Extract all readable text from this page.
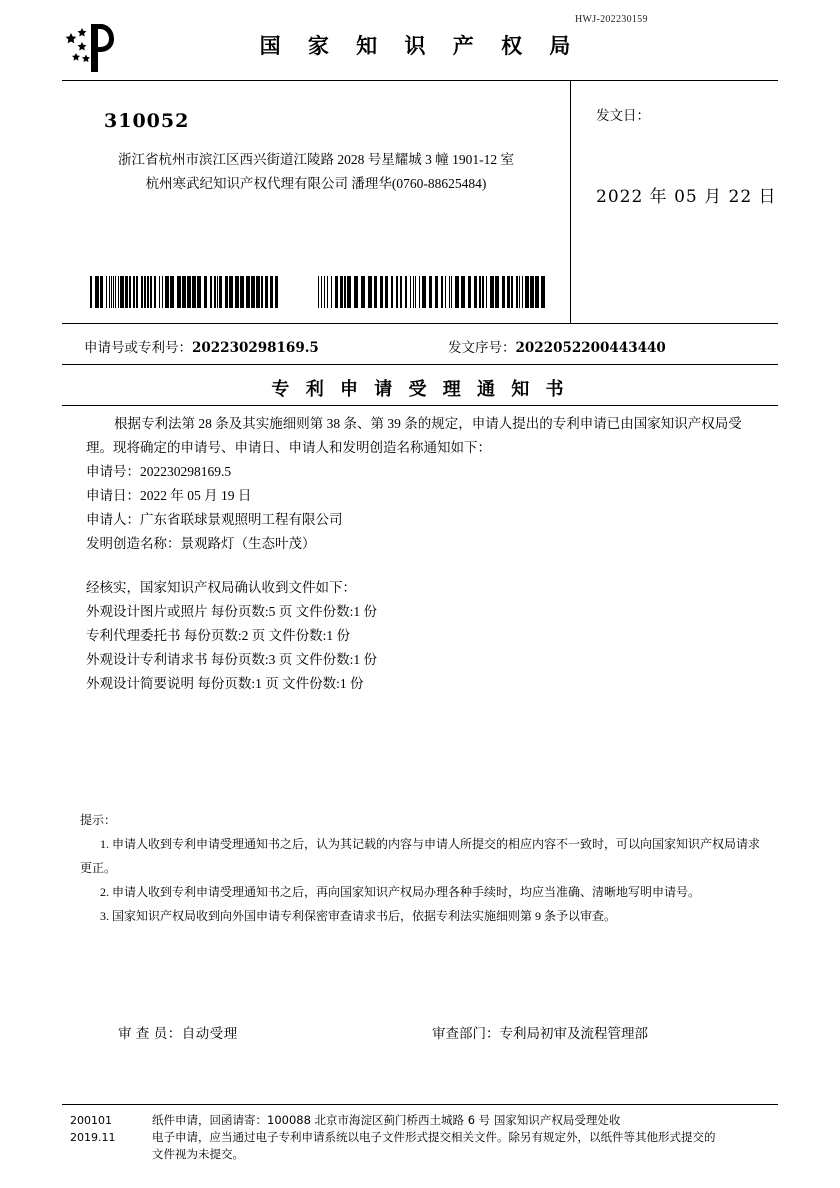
HWJ-202230159
国 家 知 识 产 权 局
310052
浙江省杭州市滨江区西兴街道江陵路 2028 号星耀城 3 幢 1901-12 室
杭州寒武纪知识产权代理有限公司 潘理华(0760-88625484)
发文日：
2022 年 05 月 22 日
申请号或专利号：202230298169.5	发文序号：2022052200443440
专 利 申 请 受 理 通 知 书

根据专利法第 28 条及其实施细则第 38 条、第 39 条的规定，申请人提出的专利申请已由国家知识产权局受理。现将确定的申请号、申请日、申请人和发明创造名称通知如下：

申请号：202230298169.5

申请日：2022 年 05 月 19 日

申请人：广东省联球景观照明工程有限公司

发明创造名称：景观路灯（生态叶茂）

经核实，国家知识产权局确认收到文件如下：

外观设计图片或照片 每份页数:5 页 文件份数:1 份

专利代理委托书 每份页数:2 页 文件份数:1 份

外观设计专利请求书 每份页数:3 页 文件份数:1 份

外观设计简要说明 每份页数:1 页 文件份数:1 份

提示：

1. 申请人收到专利申请受理通知书之后，认为其记载的内容与申请人所提交的相应内容不一致时，可以向国家知识产权局请求更正。

2. 申请人收到专利申请受理通知书之后，再向国家知识产权局办理各种手续时，均应当准确、清晰地写明申请号。

3. 国家知识产权局收到向外国申请专利保密审查请求书后，依据专利法实施细则第 9 条予以审查。

审 查 员：自动受理	审查部门：专利局初审及流程管理部
200101
2019.11

纸件申请，回函请寄：100088 北京市海淀区蓟门桥西土城路 6 号 国家知识产权局受理处收

电子申请，应当通过电子专利申请系统以电子文件形式提交相关文件。除另有规定外，以纸件等其他形式提交的

文件视为未提交。
